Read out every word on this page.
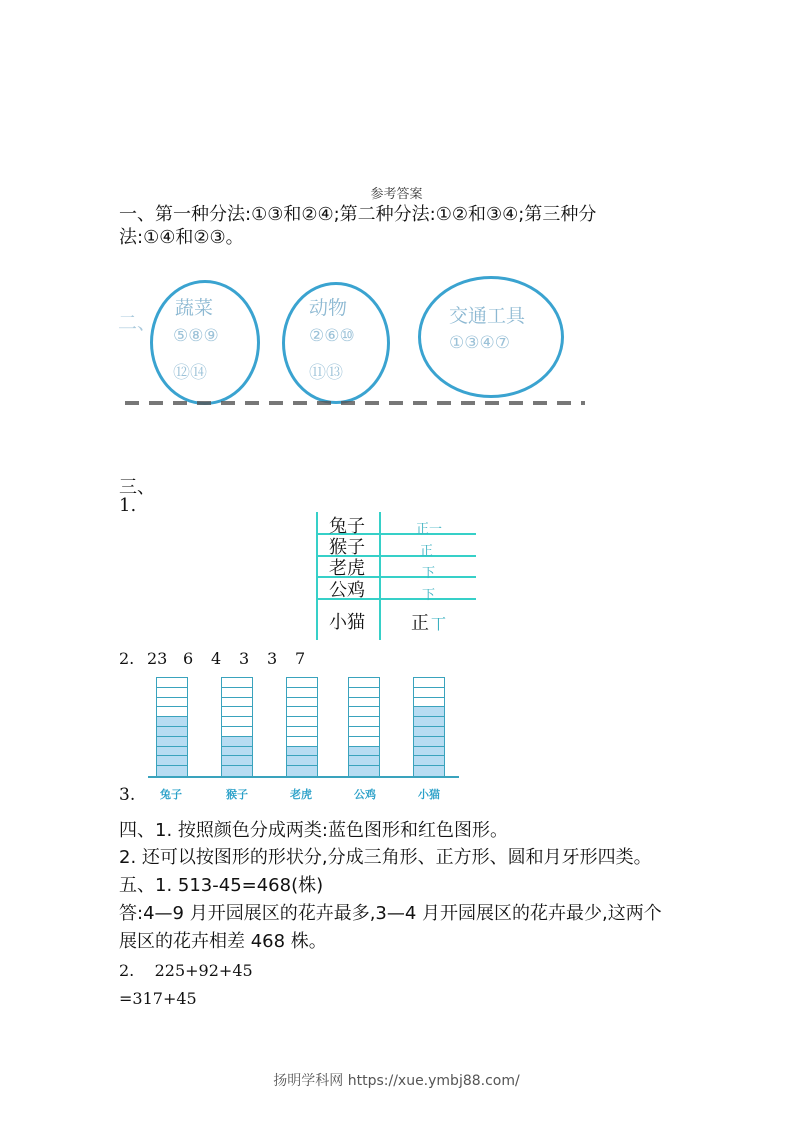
参考答案
一、第一种分法:①③和②④;第二种分法:①②和③④;第三种分
法:①④和②③。
二、
蔬菜
⑤⑧⑨
⑫⑭
动物
②⑥⑩
⑪⑬
交通工具
①③④⑦
三、
1.
兔子	正一
猴子	正
老虎	下
公鸡	下
小猫	正 丅
2. 23 6 4 3 3 7
兔子	猴子	老虎	公鸡	小猫
3.
四、1. 按照颜色分成两类:蓝色图形和红色图形。
2. 还可以按图形的形状分,分成三角形、正方形、圆和月牙形四类。
五、1. 513-45=468(株)
答:4—9 月开园展区的花卉最多,3—4 月开园展区的花卉最少,这两个
展区的花卉相差 468 株。
2.    225+92+45
=317+45
扬明学科网 https://xue.ymbj88.com/
